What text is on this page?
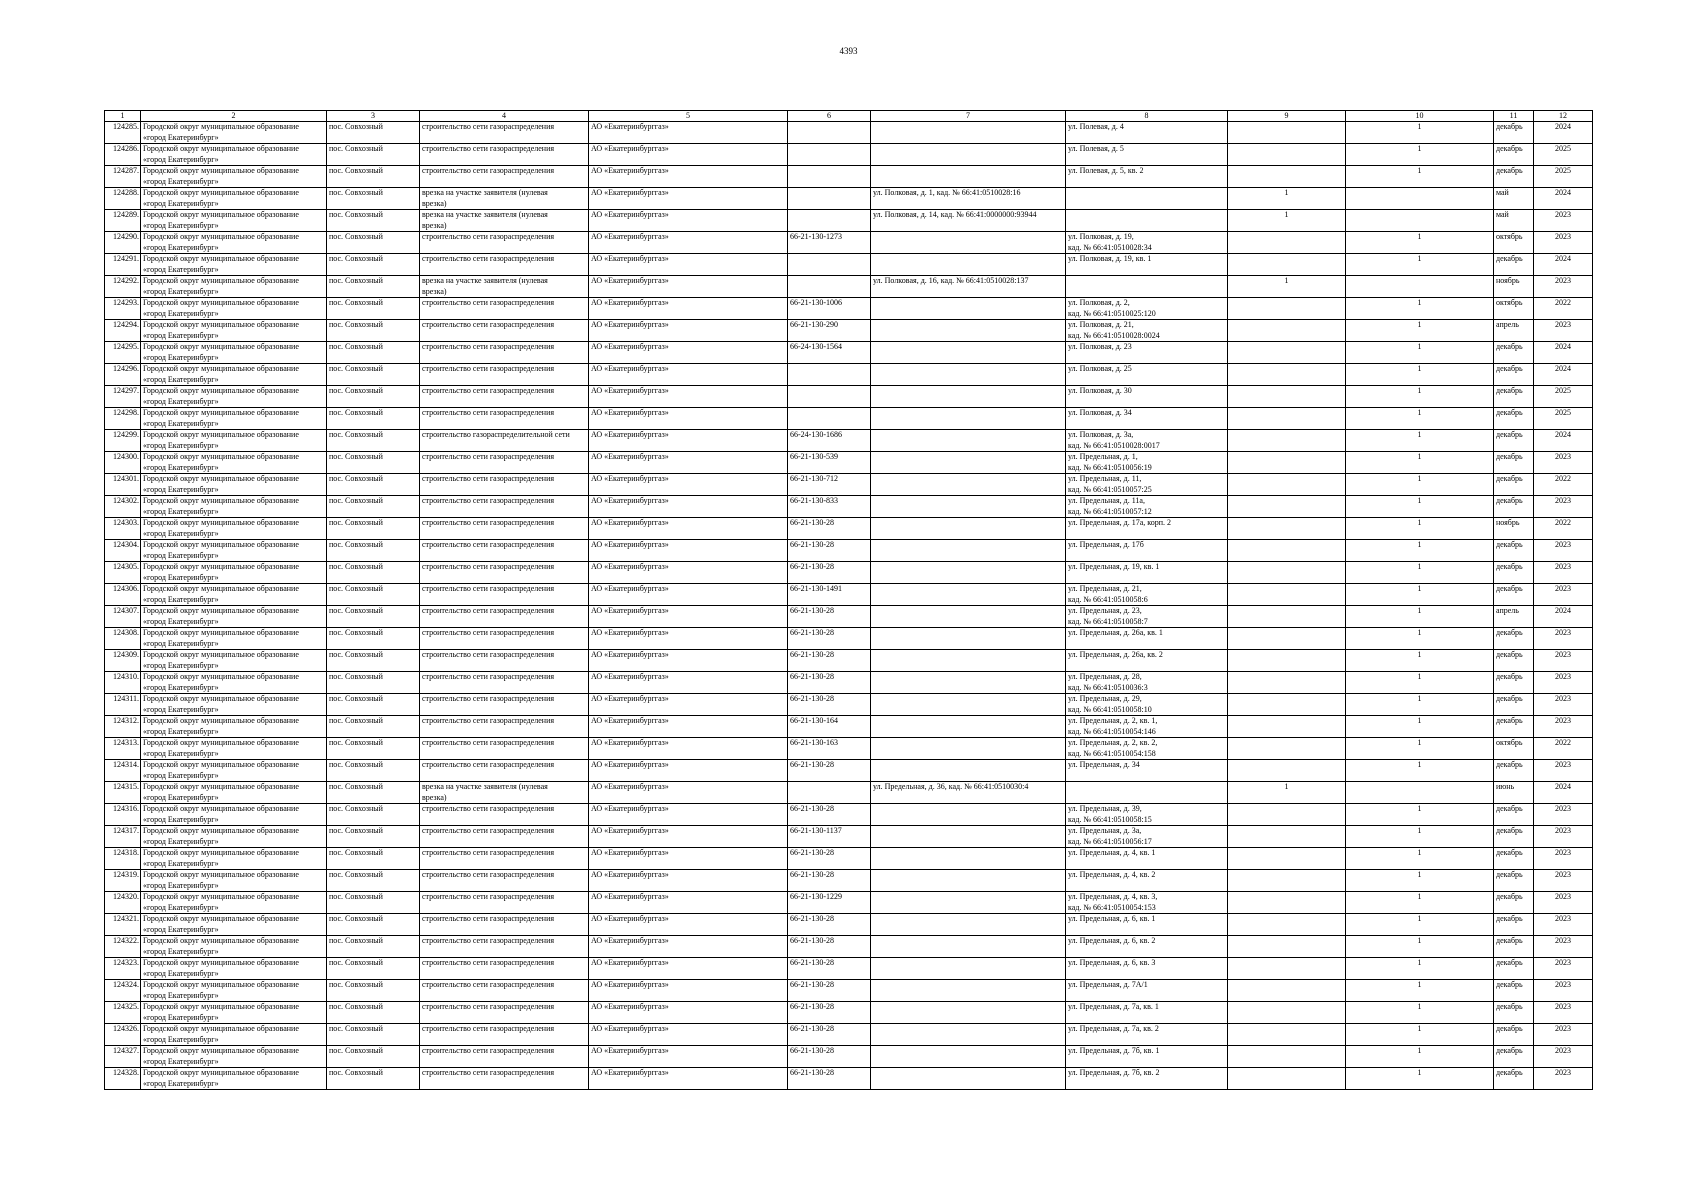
4393
1	2	3	4	5	6	7	8	9	10	11	12
124285.	Городской округ муниципальное образование
«город Екатеринбург»	пос. Совхозный	строительство сети газораспределения	АО «Екатеринбурггаз»			ул. Полевая, д. 4		1	декабрь	2024
124286.	Городской округ муниципальное образование
«город Екатеринбург»	пос. Совхозный	строительство сети газораспределения	АО «Екатеринбурггаз»			ул. Полевая, д. 5		1	декабрь	2025
124287.	Городской округ муниципальное образование
«город Екатеринбург»	пос. Совхозный	строительство сети газораспределения	АО «Екатеринбурггаз»			ул. Полевая, д. 5, кв. 2		1	декабрь	2025
124288.	Городской округ муниципальное образование
«город Екатеринбург»	пос. Совхозный	врезка на участке заявителя (нулевая
врезка)	АО «Екатеринбурггаз»		ул. Полковая, д. 1, кад. № 66:41:0510028:16		1		май	2024
124289.	Городской округ муниципальное образование
«город Екатеринбург»	пос. Совхозный	врезка на участке заявителя (нулевая
врезка)	АО «Екатеринбурггаз»		ул. Полковая, д. 14, кад. № 66:41:0000000:93944		1		май	2023
124290.	Городской округ муниципальное образование
«город Екатеринбург»	пос. Совхозный	строительство сети газораспределения	АО «Екатеринбурггаз»	66-21-130-1273		ул. Полковая, д. 19,
кад. № 66:41:0510028:34		1	октябрь	2023
124291.	Городской округ муниципальное образование
«город Екатеринбург»	пос. Совхозный	строительство сети газораспределения	АО «Екатеринбурггаз»			ул. Полковая, д. 19, кв. 1		1	декабрь	2024
124292.	Городской округ муниципальное образование
«город Екатеринбург»	пос. Совхозный	врезка на участке заявителя (нулевая
врезка)	АО «Екатеринбурггаз»		ул. Полковая, д. 16, кад. № 66:41:0510028:137		1		ноябрь	2023
124293.	Городской округ муниципальное образование
«город Екатеринбург»	пос. Совхозный	строительство сети газораспределения	АО «Екатеринбурггаз»	66-21-130-1006		ул. Полковая, д. 2,
кад. № 66:41:0510025:120		1	октябрь	2022
124294.	Городской округ муниципальное образование
«город Екатеринбург»	пос. Совхозный	строительство сети газораспределения	АО «Екатеринбурггаз»	66-21-130-290		ул. Полковая, д. 21,
кад. № 66:41:0510028:0024		1	апрель	2023
124295.	Городской округ муниципальное образование
«город Екатеринбург»	пос. Совхозный	строительство сети газораспределения	АО «Екатеринбурггаз»	66-24-130-1564		ул. Полковая, д. 23		1	декабрь	2024
124296.	Городской округ муниципальное образование
«город Екатеринбург»	пос. Совхозный	строительство сети газораспределения	АО «Екатеринбурггаз»			ул. Полковая, д. 25		1	декабрь	2024
124297.	Городской округ муниципальное образование
«город Екатеринбург»	пос. Совхозный	строительство сети газораспределения	АО «Екатеринбурггаз»			ул. Полковая, д. 30		1	декабрь	2025
124298.	Городской округ муниципальное образование
«город Екатеринбург»	пос. Совхозный	строительство сети газораспределения	АО «Екатеринбурггаз»			ул. Полковая, д. 34		1	декабрь	2025
124299.	Городской округ муниципальное образование
«город Екатеринбург»	пос. Совхозный	строительство газораспределительной сети	АО «Екатеринбурггаз»	66-24-130-1686		ул. Полковая, д. 3а,
кад. № 66:41:0510028:0017		1	декабрь	2024
124300.	Городской округ муниципальное образование
«город Екатеринбург»	пос. Совхозный	строительство сети газораспределения	АО «Екатеринбурггаз»	66-21-130-539		ул. Предельная, д. 1,
кад. № 66:41:0510056:19		1	декабрь	2023
124301.	Городской округ муниципальное образование
«город Екатеринбург»	пос. Совхозный	строительство сети газораспределения	АО «Екатеринбурггаз»	66-21-130-712		ул. Предельная, д. 11,
кад. № 66:41:0510057:25		1	декабрь	2022
124302.	Городской округ муниципальное образование
«город Екатеринбург»	пос. Совхозный	строительство сети газораспределения	АО «Екатеринбурггаз»	66-21-130-833		ул. Предельная, д. 11а,
кад. № 66:41:0510057:12		1	декабрь	2023
124303.	Городской округ муниципальное образование
«город Екатеринбург»	пос. Совхозный	строительство сети газораспределения	АО «Екатеринбурггаз»	66-21-130-28		ул. Предельная, д. 17а, корп. 2		1	ноябрь	2022
124304.	Городской округ муниципальное образование
«город Екатеринбург»	пос. Совхозный	строительство сети газораспределения	АО «Екатеринбурггаз»	66-21-130-28		ул. Предельная, д. 17б		1	декабрь	2023
124305.	Городской округ муниципальное образование
«город Екатеринбург»	пос. Совхозный	строительство сети газораспределения	АО «Екатеринбурггаз»	66-21-130-28		ул. Предельная, д. 19, кв. 1		1	декабрь	2023
124306.	Городской округ муниципальное образование
«город Екатеринбург»	пос. Совхозный	строительство сети газораспределения	АО «Екатеринбурггаз»	66-21-130-1491		ул. Предельная, д. 21,
кад. № 66:41:0510058:6		1	декабрь	2023
124307.	Городской округ муниципальное образование
«город Екатеринбург»	пос. Совхозный	строительство сети газораспределения	АО «Екатеринбурггаз»	66-21-130-28		ул. Предельная, д. 23,
кад. № 66:41:0510058:7		1	апрель	2024
124308.	Городской округ муниципальное образование
«город Екатеринбург»	пос. Совхозный	строительство сети газораспределения	АО «Екатеринбурггаз»	66-21-130-28		ул. Предельная, д. 26а, кв. 1		1	декабрь	2023
124309.	Городской округ муниципальное образование
«город Екатеринбург»	пос. Совхозный	строительство сети газораспределения	АО «Екатеринбурггаз»	66-21-130-28		ул. Предельная, д. 26а, кв. 2		1	декабрь	2023
124310.	Городской округ муниципальное образование
«город Екатеринбург»	пос. Совхозный	строительство сети газораспределения	АО «Екатеринбурггаз»	66-21-130-28		ул. Предельная, д. 28,
кад. № 66:41:0510036:3		1	декабрь	2023
124311.	Городской округ муниципальное образование
«город Екатеринбург»	пос. Совхозный	строительство сети газораспределения	АО «Екатеринбурггаз»	66-21-130-28		ул. Предельная, д. 29,
кад. № 66:41:0510058:10		1	декабрь	2023
124312.	Городской округ муниципальное образование
«город Екатеринбург»	пос. Совхозный	строительство сети газораспределения	АО «Екатеринбурггаз»	66-21-130-164		ул. Предельная, д. 2, кв. 1,
кад. № 66:41:0510054:146		1	декабрь	2023
124313.	Городской округ муниципальное образование
«город Екатеринбург»	пос. Совхозный	строительство сети газораспределения	АО «Екатеринбурггаз»	66-21-130-163		ул. Предельная, д. 2, кв. 2,
кад. № 66:41:0510054:158		1	октябрь	2022
124314.	Городской округ муниципальное образование
«город Екатеринбург»	пос. Совхозный	строительство сети газораспределения	АО «Екатеринбурггаз»	66-21-130-28		ул. Предельная, д. 34		1	декабрь	2023
124315.	Городской округ муниципальное образование
«город Екатеринбург»	пос. Совхозный	врезка на участке заявителя (нулевая
врезка)	АО «Екатеринбурггаз»		ул. Предельная, д. 36, кад. № 66:41:0510030:4		1		июнь	2024
124316.	Городской округ муниципальное образование
«город Екатеринбург»	пос. Совхозный	строительство сети газораспределения	АО «Екатеринбурггаз»	66-21-130-28		ул. Предельная, д. 39,
кад. № 66:41:0510058:15		1	декабрь	2023
124317.	Городской округ муниципальное образование
«город Екатеринбург»	пос. Совхозный	строительство сети газораспределения	АО «Екатеринбурггаз»	66-21-130-1137		ул. Предельная, д. 3а,
кад. № 66:41:0510056:17		1	декабрь	2023
124318.	Городской округ муниципальное образование
«город Екатеринбург»	пос. Совхозный	строительство сети газораспределения	АО «Екатеринбурггаз»	66-21-130-28		ул. Предельная, д. 4, кв. 1		1	декабрь	2023
124319.	Городской округ муниципальное образование
«город Екатеринбург»	пос. Совхозный	строительство сети газораспределения	АО «Екатеринбурггаз»	66-21-130-28		ул. Предельная, д. 4, кв. 2		1	декабрь	2023
124320.	Городской округ муниципальное образование
«город Екатеринбург»	пос. Совхозный	строительство сети газораспределения	АО «Екатеринбурггаз»	66-21-130-1229		ул. Предельная, д. 4, кв. 3,
кад. № 66:41:0510054:153		1	декабрь	2023
124321.	Городской округ муниципальное образование
«город Екатеринбург»	пос. Совхозный	строительство сети газораспределения	АО «Екатеринбурггаз»	66-21-130-28		ул. Предельная, д. 6, кв. 1		1	декабрь	2023
124322.	Городской округ муниципальное образование
«город Екатеринбург»	пос. Совхозный	строительство сети газораспределения	АО «Екатеринбурггаз»	66-21-130-28		ул. Предельная, д. 6, кв. 2		1	декабрь	2023
124323.	Городской округ муниципальное образование
«город Екатеринбург»	пос. Совхозный	строительство сети газораспределения	АО «Екатеринбурггаз»	66-21-130-28		ул. Предельная, д. 6, кв. 3		1	декабрь	2023
124324.	Городской округ муниципальное образование
«город Екатеринбург»	пос. Совхозный	строительство сети газораспределения	АО «Екатеринбурггаз»	66-21-130-28		ул. Предельная, д. 7А/1		1	декабрь	2023
124325.	Городской округ муниципальное образование
«город Екатеринбург»	пос. Совхозный	строительство сети газораспределения	АО «Екатеринбурггаз»	66-21-130-28		ул. Предельная, д. 7а, кв. 1		1	декабрь	2023
124326.	Городской округ муниципальное образование
«город Екатеринбург»	пос. Совхозный	строительство сети газораспределения	АО «Екатеринбурггаз»	66-21-130-28		ул. Предельная, д. 7а, кв. 2		1	декабрь	2023
124327.	Городской округ муниципальное образование
«город Екатеринбург»	пос. Совхозный	строительство сети газораспределения	АО «Екатеринбурггаз»	66-21-130-28		ул. Предельная, д. 7б, кв. 1		1	декабрь	2023
124328.	Городской округ муниципальное образование
«город Екатеринбург»	пос. Совхозный	строительство сети газораспределения	АО «Екатеринбурггаз»	66-21-130-28		ул. Предельная, д. 7б, кв. 2		1	декабрь	2023
